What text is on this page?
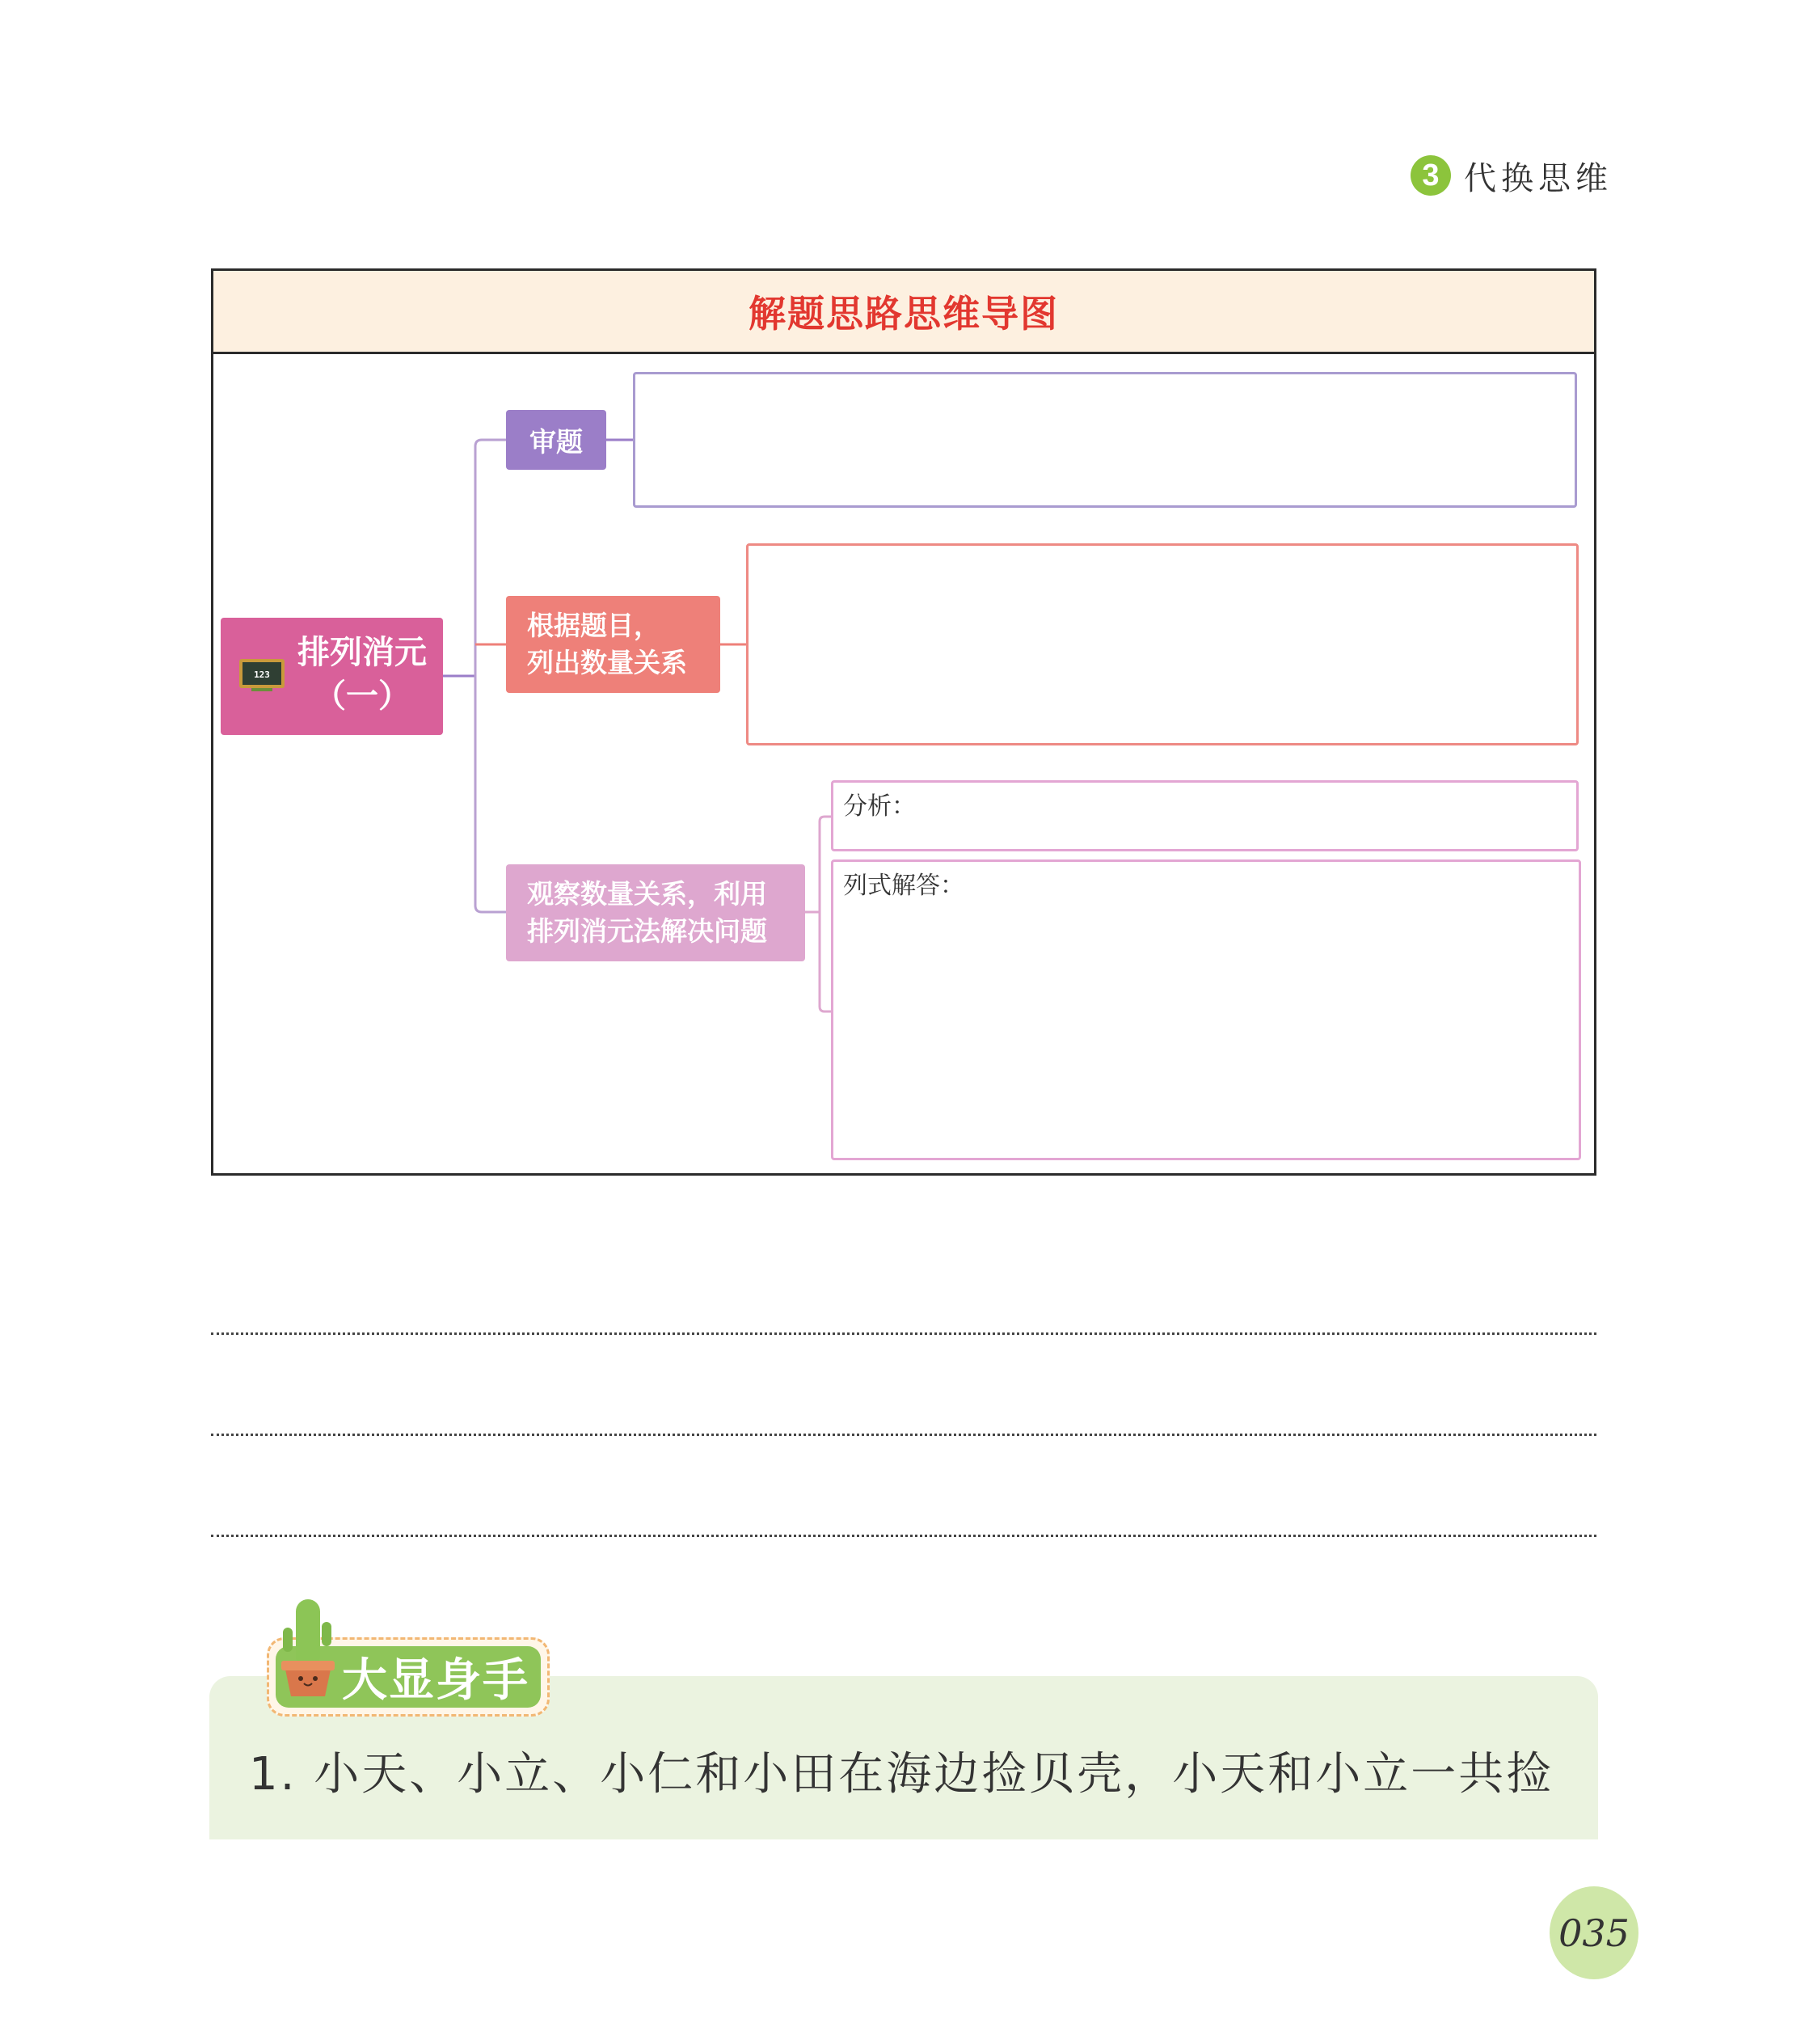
3 代换思维
解题思路思维导图
123
排列消元
（一）
审题
根据题目，
列出数量关系
观察数量关系，利用
排列消元法解决问题
分析：
列式解答：
大显身手
1. 小天、小立、小仁和小田在海边捡贝壳，小天和小立一共捡
035
